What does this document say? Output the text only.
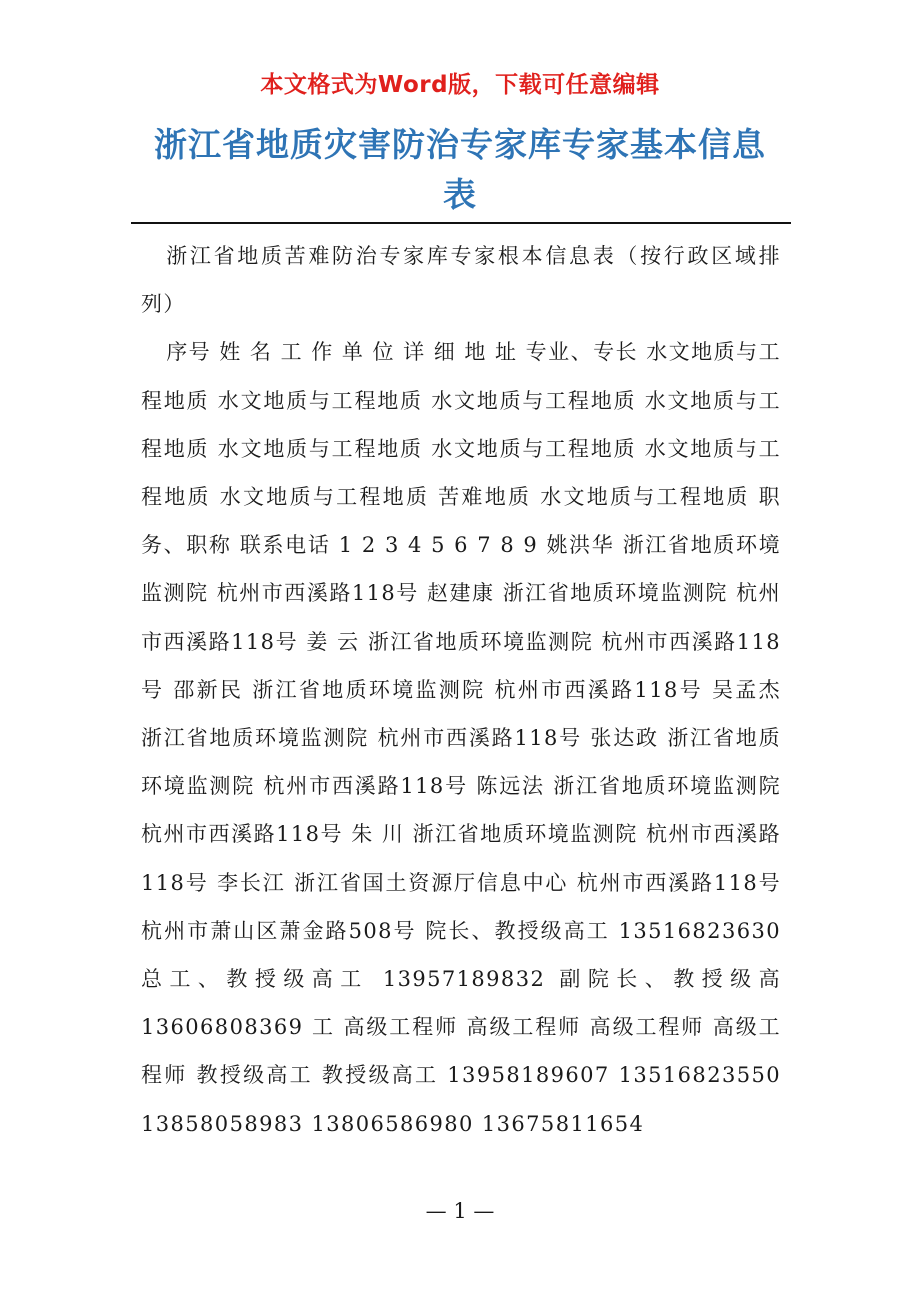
本文格式为Word版，下载可任意编辑
浙江省地质灾害防治专家库专家基本信息表

浙江省地质苦难防治专家库专家根本信息表（按行政区域排列）

序号 姓 名 工 作 单 位 详 细 地 址 专业、专长 水文地质与工程地质 水文地质与工程地质 水文地质与工程地质 水文地质与工程地质 水文地质与工程地质 水文地质与工程地质 水文地质与工程地质 水文地质与工程地质 苦难地质 水文地质与工程地质 职务、职称 联系电话 1 2 3 4 5 6 7 8 9 姚洪华 浙江省地质环境监测院 杭州市西溪路118号 赵建康 浙江省地质环境监测院 杭州市西溪路118号 姜 云 浙江省地质环境监测院 杭州市西溪路118号 邵新民 浙江省地质环境监测院 杭州市西溪路118号 吴孟杰 浙江省地质环境监测院 杭州市西溪路118号 张达政 浙江省地质环境监测院 杭州市西溪路118号 陈远法 浙江省地质环境监测院 杭州市西溪路118号 朱 川 浙江省地质环境监测院 杭州市西溪路118号 李长江 浙江省国土资源厅信息中心 杭州市西溪路118号 杭州市萧山区萧金路508号 院长、教授级高工 13516823630 总工、教授级高工 13957189832 副院长、教授级高 13606808369 工 高级工程师 高级工程师 高级工程师 高级工程师 教授级高工 教授级高工 13958189607 13516823550 13858058983 13806586980 13675811654

— 1 —
